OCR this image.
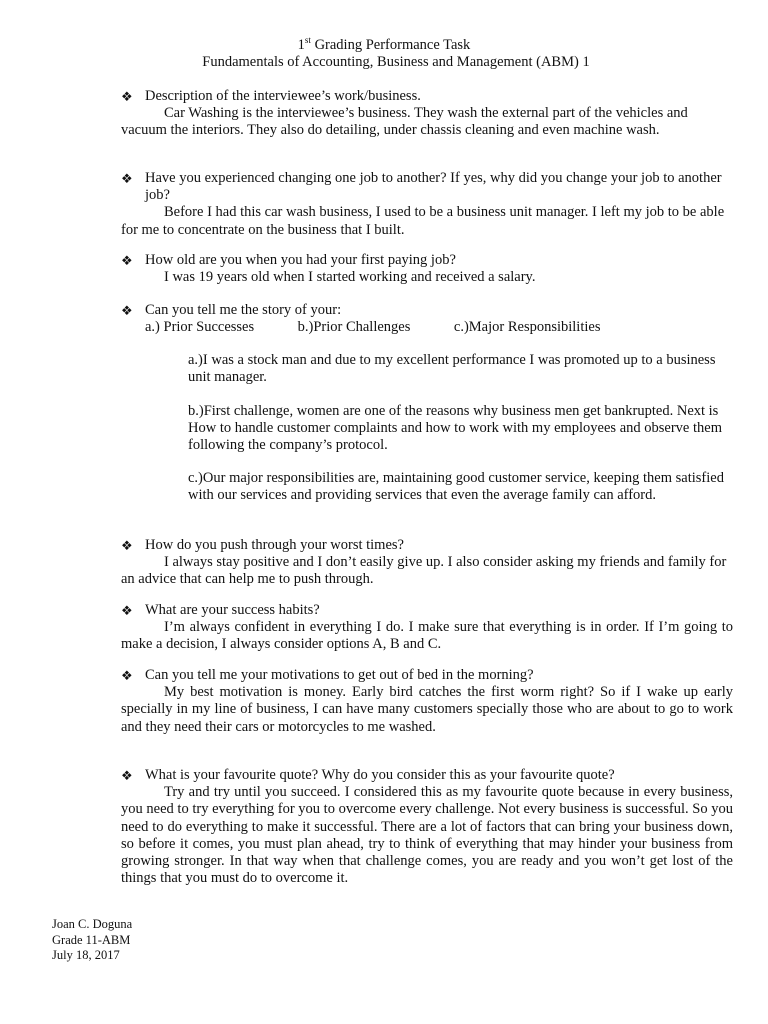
1st Grading Performance Task
Fundamentals of Accounting, Business and Management (ABM) 1
❖ Description of the interviewee’s work/business.
Car Washing is the interviewee’s business. They wash the external part of the vehicles and vacuum the interiors. They also do detailing, under chassis cleaning and even machine wash.
❖ Have you experienced changing one job to another? If yes, why did you change your job to another job?
Before I had this car wash business, I used to be a business unit manager. I left my job to be able for me to concentrate on the business that I built.
❖ How old are you when you had your first paying job?
I was 19 years old when I started working and received a salary.
❖ Can you tell me the story of your:
a.) Prior Successes            b.)Prior Challenges            c.)Major Responsibilities
a.)I was a stock man and due to my excellent performance I was promoted up to a business unit manager.
b.)First challenge, women are one of the reasons why business men get bankrupted. Next is How to handle customer complaints and how to work with my employees and observe them following the company’s protocol.
c.)Our major responsibilities are, maintaining good customer service, keeping them satisfied with our services and providing services that even the average family can afford.
❖ How do you push through your worst times?
I always stay positive and I don’t easily give up. I also consider asking my friends and family for an advice that can help me to push through.
❖ What are your success habits?
I’m always confident in everything I do. I make sure that everything is in order. If I’m going to make a decision, I always consider options A, B and C.
❖ Can you tell me your motivations to get out of bed in the morning?
My best motivation is money. Early bird catches the first worm right? So if I wake up early specially in my line of business, I can have many customers specially those who are about to go to work and they need their cars or motorcycles to me washed.
❖ What is your favourite quote? Why do you consider this as your favourite quote?
Try and try until you succeed. I considered this as my favourite quote because in every business, you need to try everything for you to overcome every challenge. Not every business is successful. So you need to do everything to make it successful. There are a lot of factors that can bring your business down, so before it comes, you must plan ahead, try to think of everything that may hinder your business from growing stronger. In that way when that challenge comes, you are ready and you won’t get lost of the things that you must do to overcome it.
Joan C. Doguna
Grade 11-ABM
July 18, 2017
